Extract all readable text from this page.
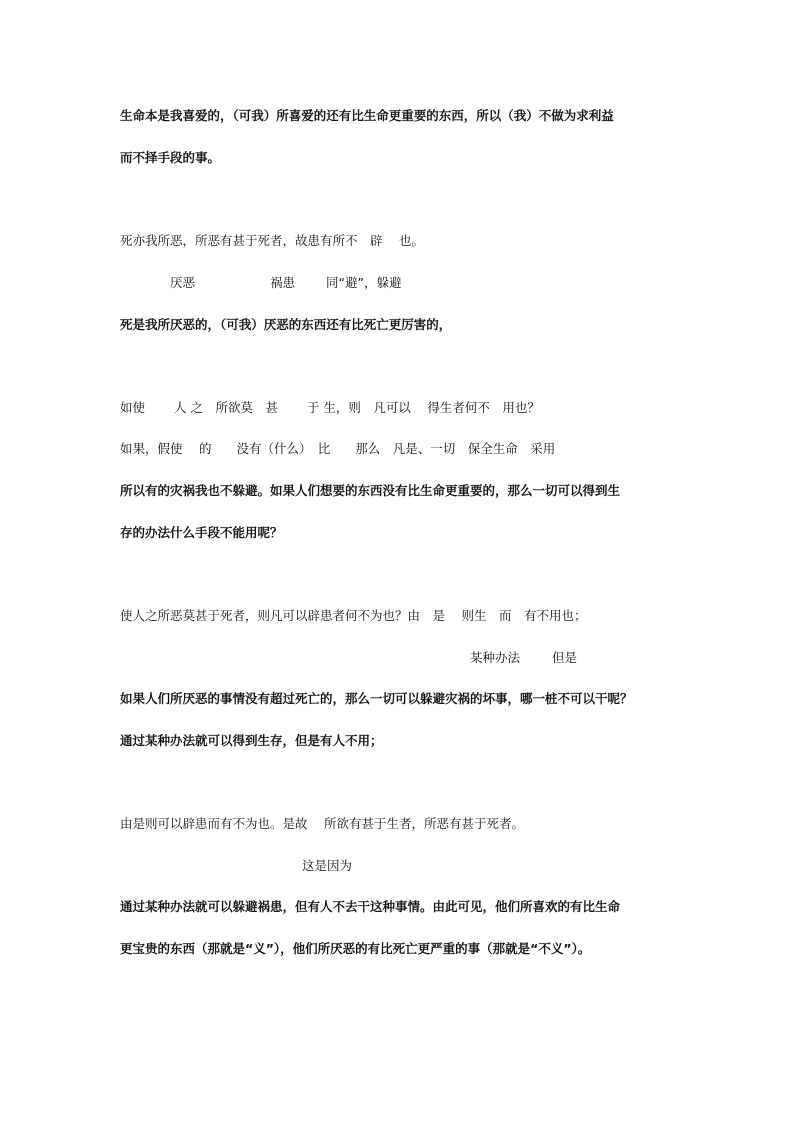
生命本是我喜爱的，（可我）所喜爱的还有比生命更重要的东西，所以（我）不做为求利益
而不择手段的事。
死亦我所恶，所恶有甚于死者，故患有所不　辟　 也。
厌恶	祸患 同“避”，躲避
死是我所厌恶的，（可我）厌恶的东西还有比死亡更厉害的，
如使　　 人 之　所欲莫　甚　　 于 生，则　凡可以　 得生者何不　用也？
如果，假使　 的　　没有（什么）　比　　那么　凡是、一切　保全生命　采用
所以有的灾祸我也不躲避。如果人们想要的东西没有比生命更重要的，那么一切可以得到生
存的办法什么手段不能用呢？
使人之所恶莫甚于死者，则凡可以辟患者何不为也？由　是　 则生　而　有不用也；
某种办法	但是
如果人们所厌恶的事情没有超过死亡的，那么一切可以躲避灾祸的坏事，哪一桩不可以干呢？
通过某种办法就可以得到生存，但是有人不用；
由是则可以辟患而有不为也。是故　 所欲有甚于生者，所恶有甚于死者。
这是因为
通过某种办法就可以躲避祸患，但有人不去干这种事情。由此可见，他们所喜欢的有比生命
更宝贵的东西（那就是“义”），他们所厌恶的有比死亡更严重的事（那就是“不义”）。
